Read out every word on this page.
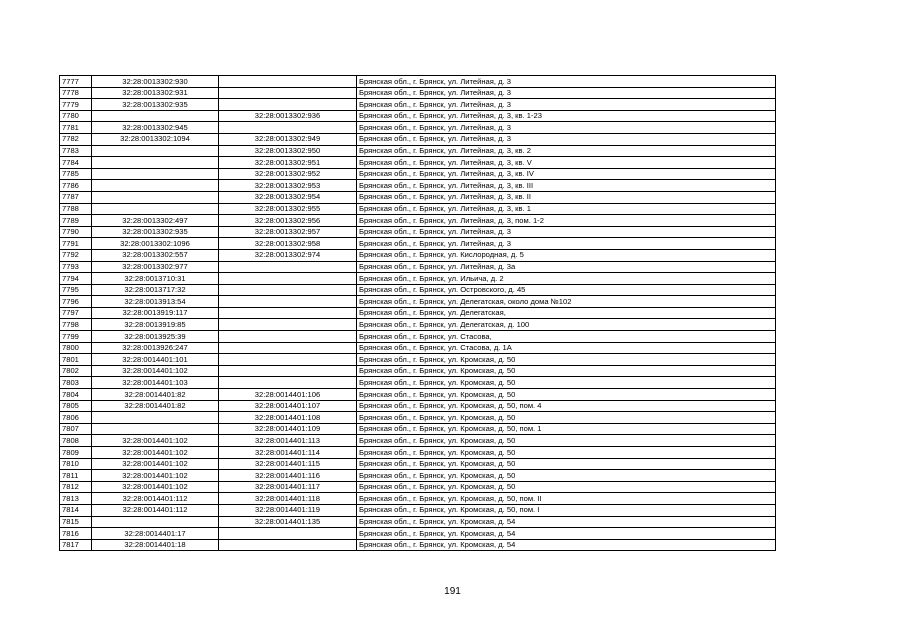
7777	32:28:0013302:930		Брянская обл., г. Брянск, ул. Литейная, д. 3
7778	32:28:0013302:931		Брянская обл., г. Брянск, ул. Литейная, д. 3
7779	32:28:0013302:935		Брянская обл., г. Брянск, ул. Литейная, д. 3
7780		32:28:0013302:936	Брянская обл., г. Брянск, ул. Литейная, д. 3, кв. 1-23
7781	32:28:0013302:945		Брянская обл., г. Брянск, ул. Литейная, д. 3
7782	32:28:0013302:1094	32:28:0013302:949	Брянская обл., г. Брянск, ул. Литейная, д. 3
7783		32:28:0013302:950	Брянская обл., г. Брянск, ул. Литейная, д. 3, кв. 2
7784		32:28:0013302:951	Брянская обл., г. Брянск, ул. Литейная, д. 3, кв. V
7785		32:28:0013302:952	Брянская обл., г. Брянск, ул. Литейная, д. 3, кв. IV
7786		32:28:0013302:953	Брянская обл., г. Брянск, ул. Литейная, д. 3, кв. III
7787		32:28:0013302:954	Брянская обл., г. Брянск, ул. Литейная, д. 3, кв. II
7788		32:28:0013302:955	Брянская обл., г. Брянск, ул. Литейная, д. 3, кв. 1
7789	32:28:0013302:497	32:28:0013302:956	Брянская обл., г. Брянск, ул. Литейная, д. 3, пом. 1-2
7790	32:28:0013302:935	32:28:0013302:957	Брянская обл., г. Брянск, ул. Литейная, д. 3
7791	32:28:0013302:1096	32:28:0013302:958	Брянская обл., г. Брянск, ул. Литейная, д. 3
7792	32:28:0013302:557	32:28:0013302:974	Брянская обл., г. Брянск, ул. Кислородная, д. 5
7793	32:28:0013302:977		Брянская обл., г. Брянск, ул. Литейная, д. 3а
7794	32:28:0013710:31		Брянская обл., г. Брянск, ул. Ильича, д. 2
7795	32:28:0013717:32		Брянская обл., г. Брянск, ул. Островского, д. 45
7796	32:28:0013913:54		Брянская обл., г. Брянск, ул. Делегатская, около дома №102
7797	32:28:0013919:117		Брянская обл., г. Брянск, ул. Делегатская,
7798	32:28:0013919:85		Брянская обл., г. Брянск, ул. Делегатская, д. 100
7799	32:28:0013925:39		Брянская обл., г. Брянск, ул. Стасова,
7800	32:28:0013926:247		Брянская обл., г. Брянск, ул. Стасова, д. 1А
7801	32:28:0014401:101		Брянская обл., г. Брянск, ул. Кромская, д. 50
7802	32:28:0014401:102		Брянская обл., г. Брянск, ул. Кромская, д. 50
7803	32:28:0014401:103		Брянская обл., г. Брянск, ул. Кромская, д. 50
7804	32:28:0014401:82	32:28:0014401:106	Брянская обл., г. Брянск, ул. Кромская, д. 50
7805	32:28:0014401:82	32:28:0014401:107	Брянская обл., г. Брянск, ул. Кромская, д. 50, пом. 4
7806		32:28:0014401:108	Брянская обл., г. Брянск, ул. Кромская, д. 50
7807		32:28:0014401:109	Брянская обл., г. Брянск, ул. Кромская, д. 50, пом. 1
7808	32:28:0014401:102	32:28:0014401:113	Брянская обл., г. Брянск, ул. Кромская, д. 50
7809	32:28:0014401:102	32:28:0014401:114	Брянская обл., г. Брянск, ул. Кромская, д. 50
7810	32:28:0014401:102	32:28:0014401:115	Брянская обл., г. Брянск, ул. Кромская, д. 50
7811	32:28:0014401:102	32:28:0014401:116	Брянская обл., г. Брянск, ул. Кромская, д. 50
7812	32:28:0014401:102	32:28:0014401:117	Брянская обл., г. Брянск, ул. Кромская, д. 50
7813	32:28:0014401:112	32:28:0014401:118	Брянская обл., г. Брянск, ул. Кромская, д. 50, пом. II
7814	32:28:0014401:112	32:28:0014401:119	Брянская обл., г. Брянск, ул. Кромская, д. 50, пом. I
7815		32:28:0014401:135	Брянская обл., г. Брянск, ул. Кромская, д. 54
7816	32:28:0014401:17		Брянская обл., г. Брянск, ул. Кромская, д. 54
7817	32:28:0014401:18		Брянская обл., г. Брянск, ул. Кромская, д. 54
191
